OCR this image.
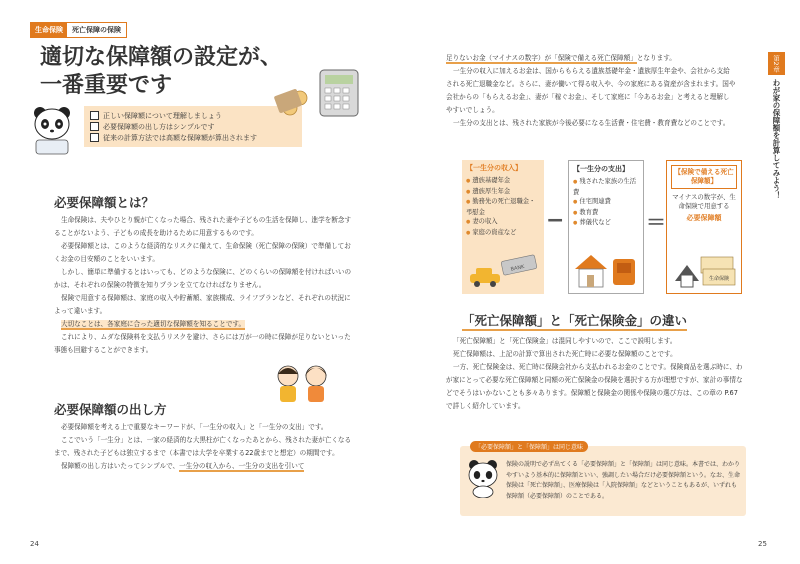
生命保険	死亡保障の保険
適切な保障額の設定が、
一番重要です
正しい保障額について理解しましょう
必要保障額の出し方はシンプルです
従来の計算方法では高額な保障額が算出されます
必要保障額とは？

生命保険は、夫やひとり親が亡くなった場合、残された妻や子どもの生活を保障し、進学を断念することがないよう、子どもの成長を助けるために用意するものです。

必要保障額とは、このような経済的なリスクに備えて、生命保険（死亡保障の保険）で準備しておくお金の目安額のことをいいます。

しかし、簡単に準備するとはいっても、どのような保険に、どのくらいの保障額を付ければいいのかは、それぞれの保険の特徴を知りプランを立てなければなりません。

保険で用意する保障額は、家庭の収入や貯蓄額、家族構成、ライフプランなど、それぞれの状況によって違います。

大切なことは、各家庭に合った適切な保障額を知ることです。

これにより、ムダな保険料を支払うリスクを避け、さらには万が一の時に保障が足りないといった事態も回避することができます。

必要保障額の出し方

必要保障額を考える上で重要なキーワードが、「一生分の収入」と「一生分の支出」です。

ここでいう「一生分」とは、一家の経済的な大黒柱が亡くなったあとから、残された妻が亡くなるまで、残された子どもは独立するまで（本書では大学を卒業する22歳までと想定）の期間です。

保障額の出し方はいたってシンプルで、一生分の収入から、一生分の支出を引いて

24

足りないお金（マイナスの数字）が「保険で備える死亡保障額」となります。

一生分の収入に加えるお金は、国からもらえる遺族基礎年金・遺族厚生年金や、会社から支給される死亡退職金など。さらに、妻が働いて得る収入や、今の家庭にある資産が含まれます。国や会社からの「もらえるお金」、妻が「稼ぐお金」、そして家庭に「今あるお金」と考えると理解しやすいでしょう。

一生分の支出とは、残された家族が今後必要になる生活費・住宅費・教育費などのことです。

【一生分の収入】
● 遺族基礎年金
● 遺族厚生年金
● 勤務先の死亡退職金・弔慰金
● 妻の収入
● 家庭の資産など
BANK
−
【一生分の支出】
● 残された家族の生活費
● 住宅関連費
● 教育費
● 葬儀代など	＝
【保険で備える死亡保障額】
マイナスの数字が、生命保険で用意する
必要保障額
生命保険
「死亡保障額」と「死亡保険金」の違い

「死亡保障額」と「死亡保険金」は混同しやすいので、ここで説明します。

死亡保障額は、上記の計算で算出された死亡時に必要な保障額のことです。

一方、死亡保険金は、死亡時に保険会社から支払われるお金のことです。保険商品を選ぶ時に、わが家にとって必要な死亡保障額と同額の死亡保険金の保険を選択する方が理想ですが、家計の事情などでそうはいかないことも多々あります。保障額と保険金の関係や保険の選び方は、この章の P.67 で詳しく紹介しています。

「必要保障額」と「保障額」は同じ意味
保険の説明で必ず出てくる「必要保障額」と「保障額」は同じ意味。本書では、わかりやすいよう基本的に保障額といい、強調したい場合だけ必要保障額という。なお、生命保険は「死亡保障額」、医療保険は「入院保障額」などということもあるが、いずれも保障額（必要保障額）のことである。
第2章
わが家の保障額を計算してみよう！
25
